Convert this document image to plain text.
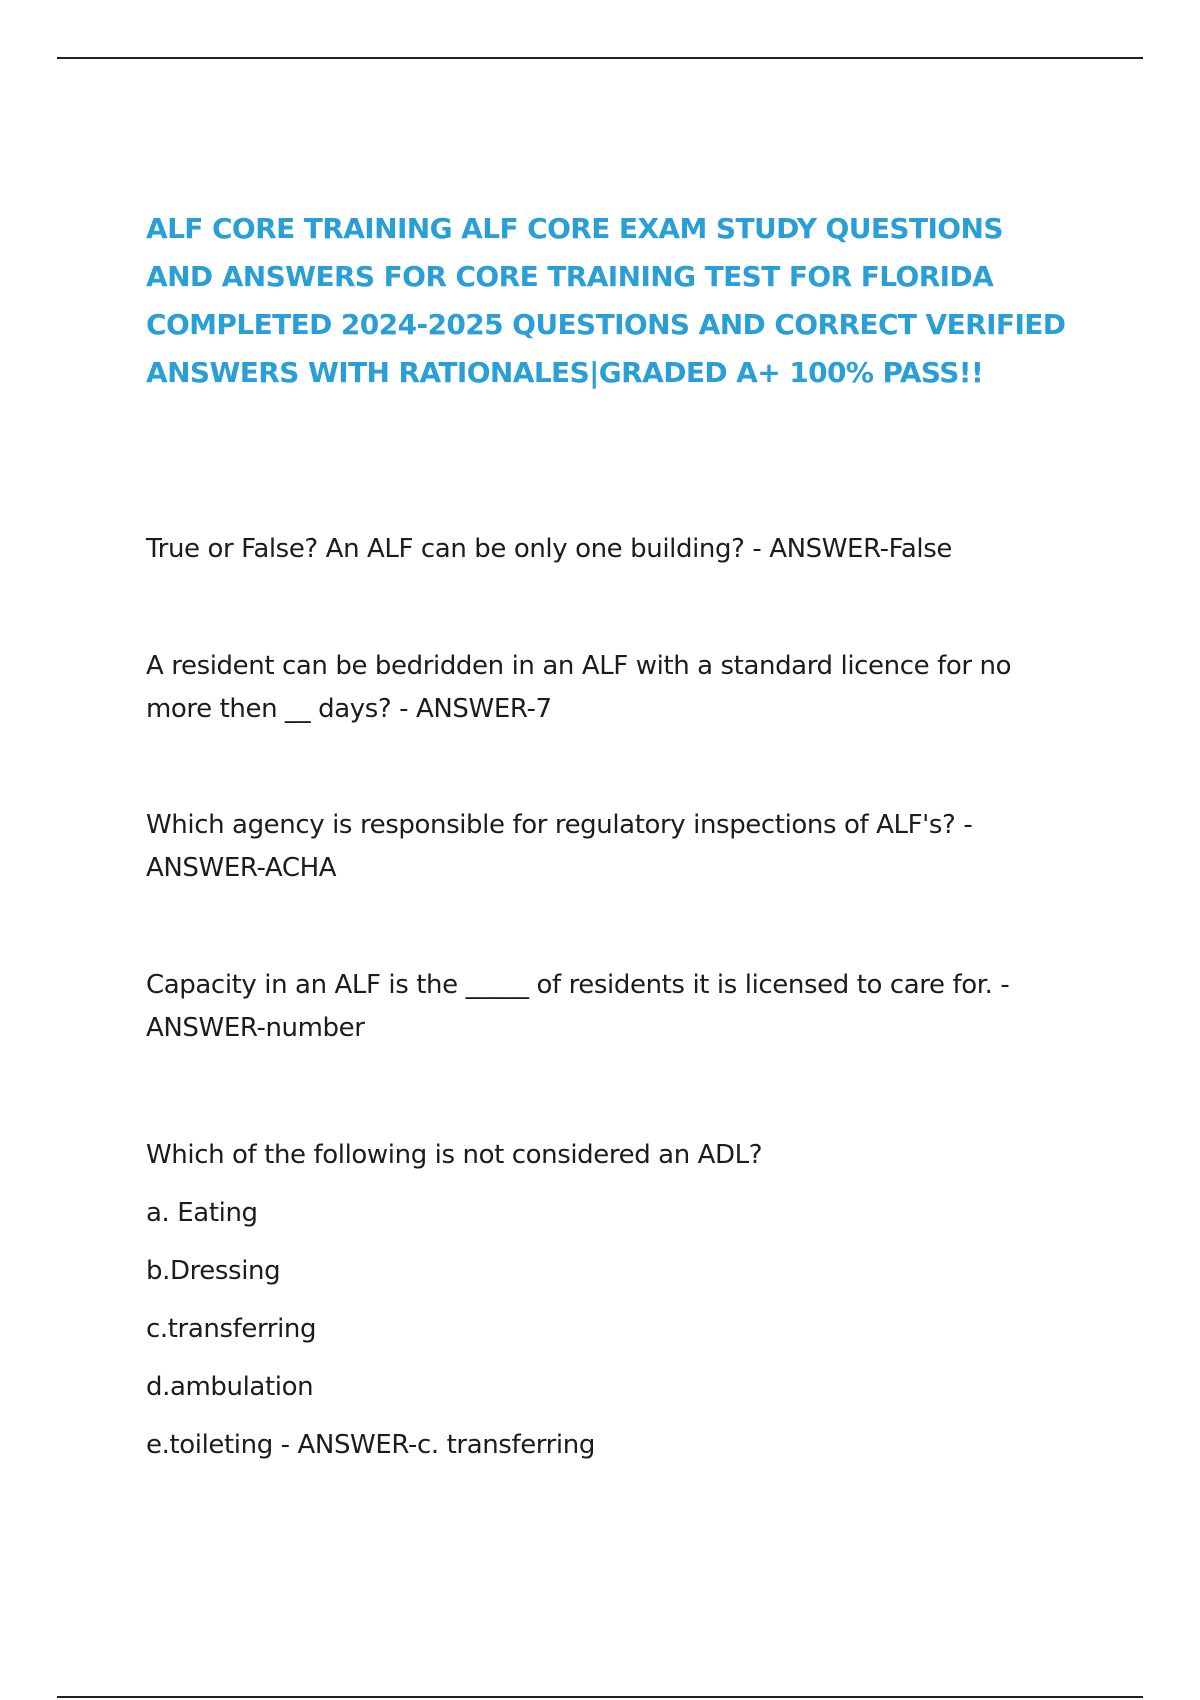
ALF CORE TRAINING ALF CORE EXAM STUDY QUESTIONS
AND ANSWERS FOR CORE TRAINING TEST FOR FLORIDA
COMPLETED 2024-2025 QUESTIONS AND CORRECT VERIFIED
ANSWERS WITH RATIONALES|GRADED A+ 100% PASS!!

True or False? An ALF can be only one building? - ANSWER-False

A resident can be bedridden in an ALF with a standard licence for no
more then __ days? - ANSWER-7

Which agency is responsible for regulatory inspections of ALF's? -
ANSWER-ACHA

Capacity in an ALF is the _____ of residents it is licensed to care for. -
ANSWER-number

Which of the following is not considered an ADL?
a. Eating
b.Dressing
c.transferring
d.ambulation
e.toileting - ANSWER-c. transferring
